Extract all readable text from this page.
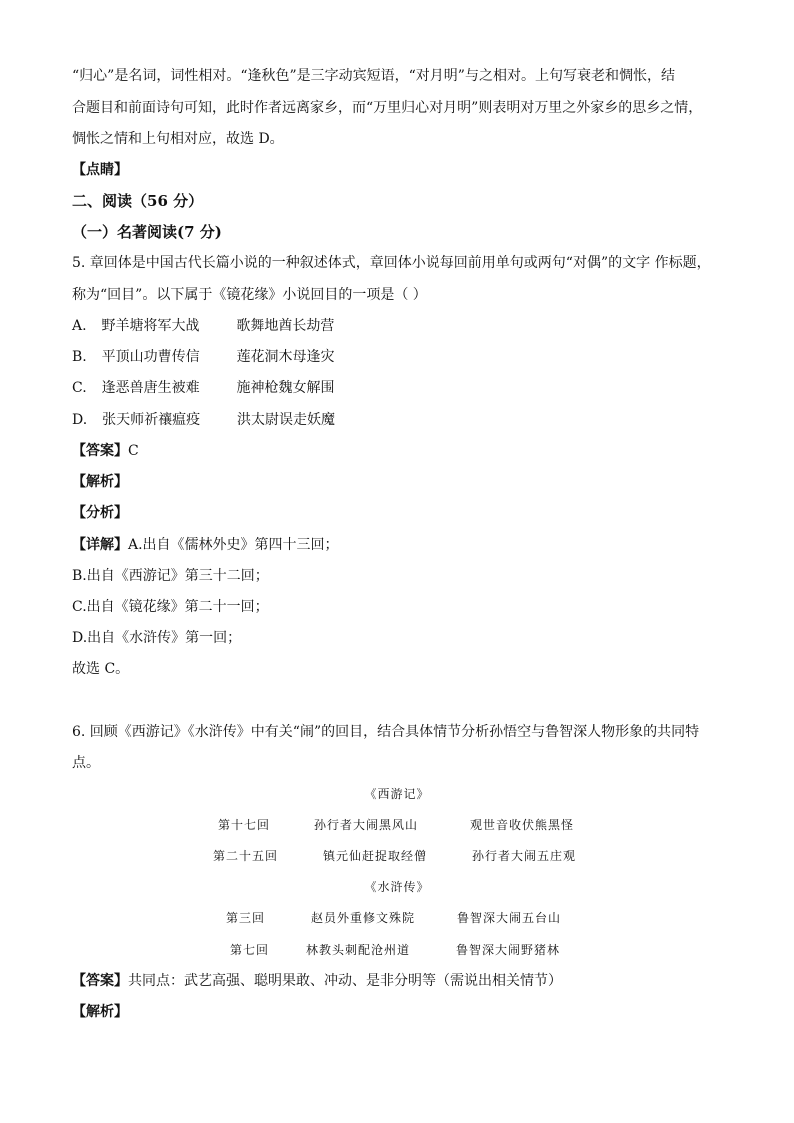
“归心”是名词，词性相对。“逢秋色”是三字动宾短语，“对月明”与之相对。上句写衰老和惆怅，结
合题目和前面诗句可知，此时作者远离家乡，而“万里归心对月明”则表明对万里之外家乡的思乡之情，
惆怅之情和上句相对应，故选 D。
【点睛】
二、阅读（56 分）
（一）名著阅读(7 分)
5. 章回体是中国古代长篇小说的一种叙述体式，章回体小说每回前用单句或两句“对偶”的文字 作标题，
称为“回目”。以下属于《镜花缘》小说回目的一项是（ ）
A. 野羊塘将军大战	歌舞地酋长劫营
B. 平顶山功曹传信	莲花洞木母逢灾
C. 逢恶兽唐生被难	施神枪魏女解围
D. 张天师祈禳瘟疫	洪太尉误走妖魔
【答案】C
【解析】
【分析】
【详解】A.出自《儒林外史》第四十三回；
B.出自《西游记》第三十二回；
C.出自《镜花缘》第二十一回；
D.出自《水浒传》第一回；
故选 C。
6. 回顾《西游记》《水浒传》中有关“闹”的回目，结合具体情节分析孙悟空与鲁智深人物形象的共同特
点。
《西游记》
第十七回	孙行者大闹黑风山	观世音收伏熊黑怪
第二十五回	镇元仙赶捉取经僧	孙行者大闹五庄观
《水浒传》
第三回	赵员外重修文殊院	鲁智深大闹五台山
第七回	林教头刺配沧州道	鲁智深大闹野猪林
【答案】共同点：武艺高强、聪明果敢、冲动、是非分明等（需说出相关情节）
【解析】
